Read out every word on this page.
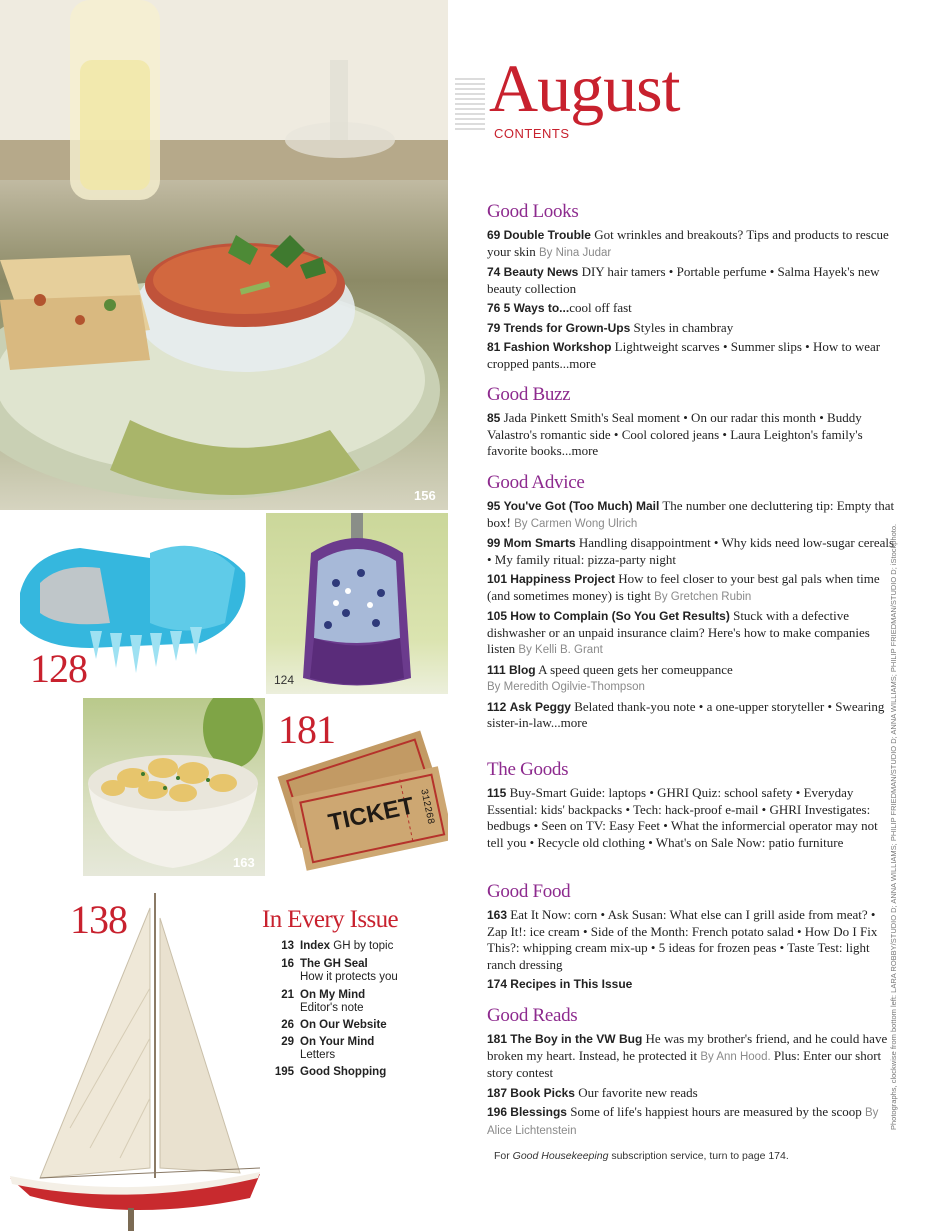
156
128	124
163
181
TICKET 312268
138
August
CONTENTS
Good Looks
69 Double Trouble Got wrinkles and breakouts? Tips and products to rescue your skin By Nina Judar
74 Beauty News DIY hair tamers • Portable perfume • Salma Hayek's new beauty collection
76 5 Ways to...cool off fast
79 Trends for Grown-Ups Styles in chambray
81 Fashion Workshop Lightweight scarves • Summer slips • How to wear cropped pants...more
Good Buzz
85 Jada Pinkett Smith's Seal moment • On our radar this month • Buddy Valastro's romantic side • Cool colored jeans • Laura Leighton's family's favorite books...more
Good Advice
95 You've Got (Too Much) Mail The number one decluttering tip: Empty that box! By Carmen Wong Ulrich
99 Mom Smarts Handling disappointment • Why kids need low-sugar cereals • My family ritual: pizza-party night
101 Happiness Project How to feel closer to your best gal pals when time (and sometimes money) is tight By Gretchen Rubin
105 How to Complain (So You Get Results) Stuck with a defective dishwasher or an unpaid insurance claim? Here's how to make companies listen By Kelli B. Grant
111 Blog A speed queen gets her comeuppance
By Meredith Ogilvie-Thompson
112 Ask Peggy Belated thank-you note • a one-upper storyteller • Swearing sister-in-law...more
The Goods
115 Buy-Smart Guide: laptops • GHRI Quiz: school safety • Everyday Essential: kids' backpacks • Tech: hack-proof e-mail • GHRI Investigates: bedbugs • Seen on TV: Easy Feet • What the informercial operator may not tell you • Recycle old clothing • What's on Sale Now: patio furniture
Good Food
163 Eat It Now: corn • Ask Susan: What else can I grill aside from meat? • Zap It!: ice cream • Side of the Month: French potato salad • How Do I Fix This?: whipping cream mix-up • 5 ideas for frozen peas • Taste Test: light ranch dressing
174 Recipes in This Issue
Good Reads
181 The Boy in the VW Bug He was my brother's friend, and he could have broken my heart. Instead, he protected it By Ann Hood. Plus: Enter our short story contest
187 Book Picks Our favorite new reads
196 Blessings Some of life's happiest hours are measured by the scoop By Alice Lichtenstein
In Every Issue
13 Index GH by topic
16 The GH Seal
How it protects you
21 On My Mind
Editor's note
26 On Our Website
29 On Your Mind
Letters
195 Good Shopping
For Good Housekeeping subscription service, turn to page 174.
Photographs, clockwise from bottom left: LARA ROBBY/STUDIO D; ANNA WILLIAMS; PHILIP FRIEDMAN/STUDIO D; ANNA WILLIAMS; PHILIP FRIEDMAN/STUDIO D; iStockphoto.
